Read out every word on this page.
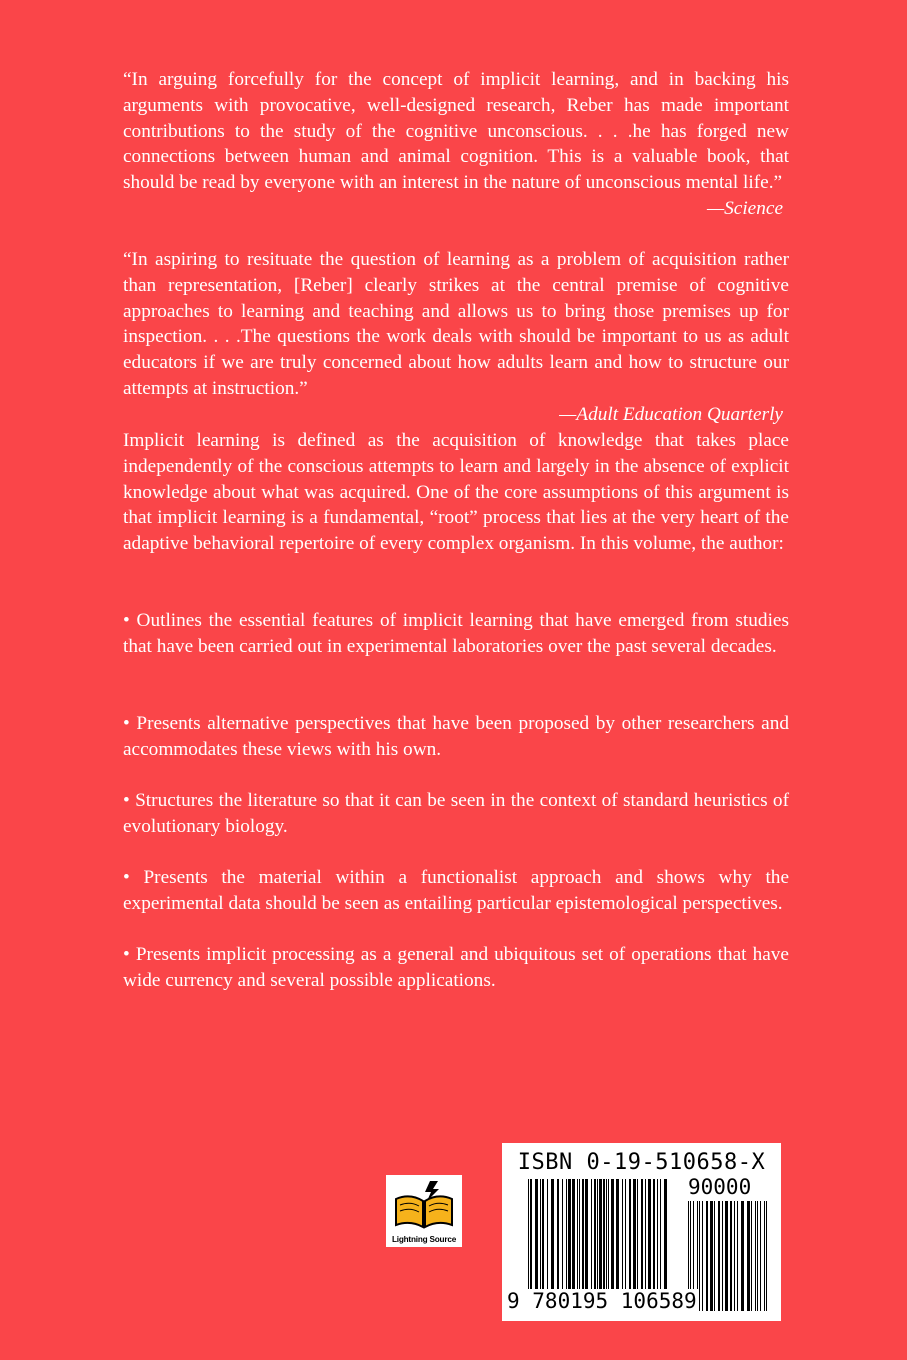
“In arguing forcefully for the concept of implicit learning, and in backing his arguments with provocative, well-designed research, Reber has made important contributions to the study of the cognitive unconscious. . . .he has forged new connections between human and animal cognition. This is a valuable book, that should be read by everyone with an interest in the nature of unconscious mental life.”
—Science

“In aspiring to resituate the question of learning as a problem of acquisition rather than representation, [Reber] clearly strikes at the central premise of cognitive approaches to learning and teaching and allows us to bring those premises up for inspection. . . .The questions the work deals with should be important to us as adult educators if we are truly concerned about how adults learn and how to structure our attempts at instruction.”
—Adult Education Quarterly

Implicit learning is defined as the acquisition of knowledge that takes place independently of the conscious attempts to learn and largely in the absence of explicit knowledge about what was acquired. One of the core assumptions of this argument is that implicit learning is a fundamental, “root” process that lies at the very heart of the adaptive behavioral repertoire of every complex organism. In this volume, the author:

• Outlines the essential features of implicit learning that have emerged from studies that have been carried out in experimental laboratories over the past several decades.

• Presents alternative perspectives that have been proposed by other researchers and accommodates these views with his own.

• Structures the literature so that it can be seen in the context of standard heuristics of evolutionary biology.

• Presents the material within a functionalist approach and shows why the experimental data should be seen as entailing particular epistemological perspectives.

• Presents implicit processing as a general and ubiquitous set of operations that have wide currency and several possible applications.

Lightning Source
ISBN 0-19-510658-X
90000
9 780195 106589
